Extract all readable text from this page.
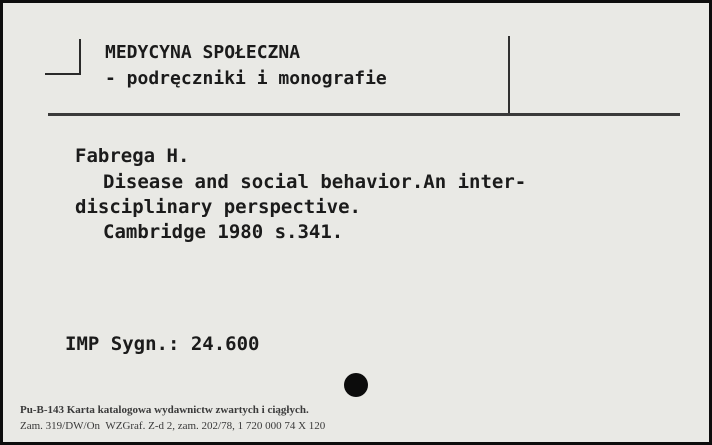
MEDYCYNA SPOŁECZNA
- podręczniki i monografie
Fabrega H.
Disease and social behavior.An inter-
disciplinary perspective.
Cambridge 1980 s.341.
IMP Sygn.: 24.600
Pu-B-143 Karta katalogowa wydawnictw zwartych i ciągłych.
Zam. 319/DW/On  WZGraf. Z-d 2, zam. 202/78, 1 720 000 74 X 120
